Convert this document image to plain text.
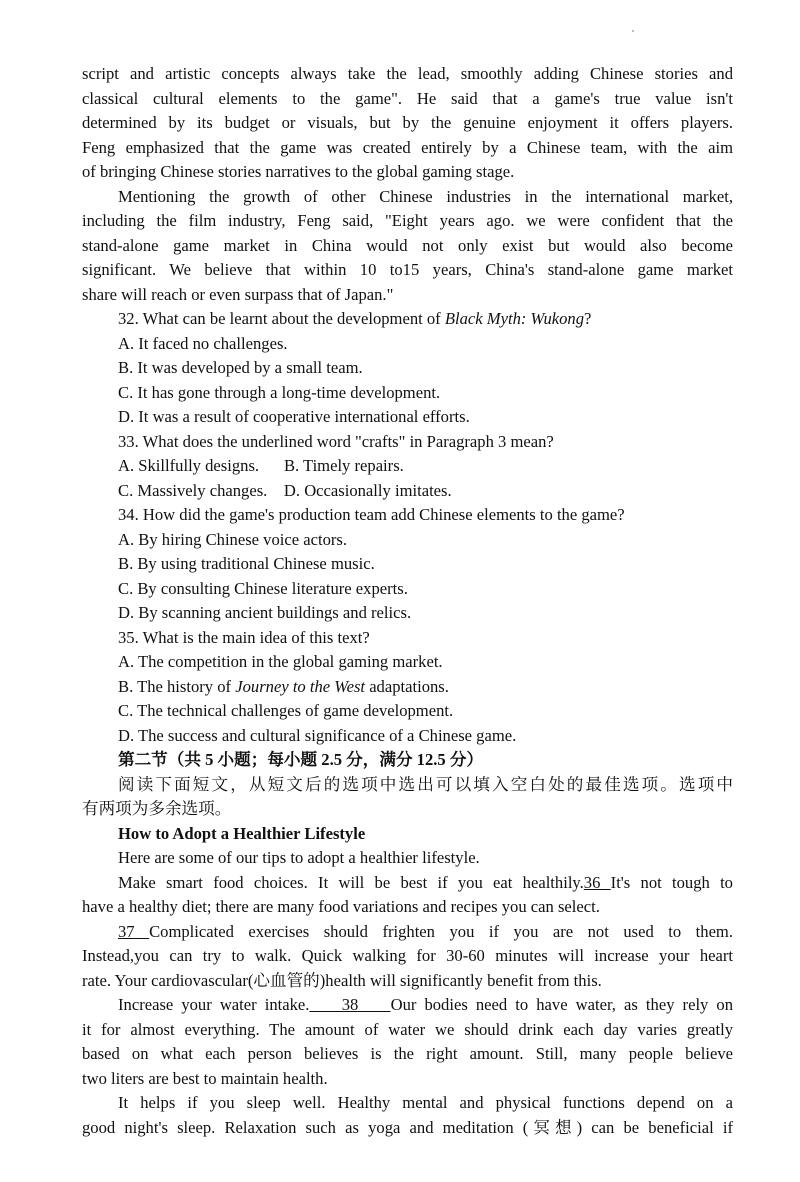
script and artistic concepts always take the lead, smoothly adding Chinese stories and
classical cultural elements to the game". He said that a game's true value isn't
determined by its budget or visuals, but by the genuine enjoyment it offers players.
Feng emphasized that the game was created entirely by a Chinese team, with the aim
of bringing Chinese stories narratives to the global gaming stage.
Mentioning the growth of other Chinese industries in the international market,
including the film industry, Feng said, "Eight years ago. we were confident that the
stand-alone game market in China would not only exist but would also become
significant. We believe that within 10 to15 years, China's stand-alone game market
share will reach or even surpass that of Japan."
32. What can be learnt about the development of Black Myth: Wukong?
A. It faced no challenges.
B. It was developed by a small team.
C. It has gone through a long-time development.
D. It was a result of cooperative international efforts.
33. What does the underlined word "crafts" in Paragraph 3 mean?
A. Skillfully designs.      B. Timely repairs.
C. Massively changes.    D. Occasionally imitates.
34. How did the game's production team add Chinese elements to the game?
A. By hiring Chinese voice actors.
B. By using traditional Chinese music.
C. By consulting Chinese literature experts.
D. By scanning ancient buildings and relics.
35. What is the main idea of this text?
A. The competition in the global gaming market.
B. The history of Journey to the West adaptations.
C. The technical challenges of game development.
D. The success and cultural significance of a Chinese game.
第二节（共 5 小题；每小题 2.5 分，满分 12.5 分）
阅读下面短文，从短文后的选项中选出可以填入空白处的最佳选项。选项中
有两项为多余选项。
How to Adopt a Healthier Lifestyle
Here are some of our tips to adopt a healthier lifestyle.
Make smart food choices. It will be best if you eat healthily.36 It's not tough to
have a healthy diet; there are many food variations and recipes you can select.
37 Complicated exercises should frighten you if you are not used to them.
Instead,you can try to walk. Quick walking for 30-60 minutes will increase your heart
rate. Your cardiovascular(心血管的)health will significantly benefit from this.
Increase your water intake.    38    Our bodies need to have water, as they rely on
it for almost everything. The amount of water we should drink each day varies greatly
based on what each person believes is the right amount. Still, many people believe
two liters are best to maintain health.
It helps if you sleep well. Healthy mental and physical functions depend on a
good night's sleep. Relaxation such as yoga and meditation (冥想) can be beneficial if
